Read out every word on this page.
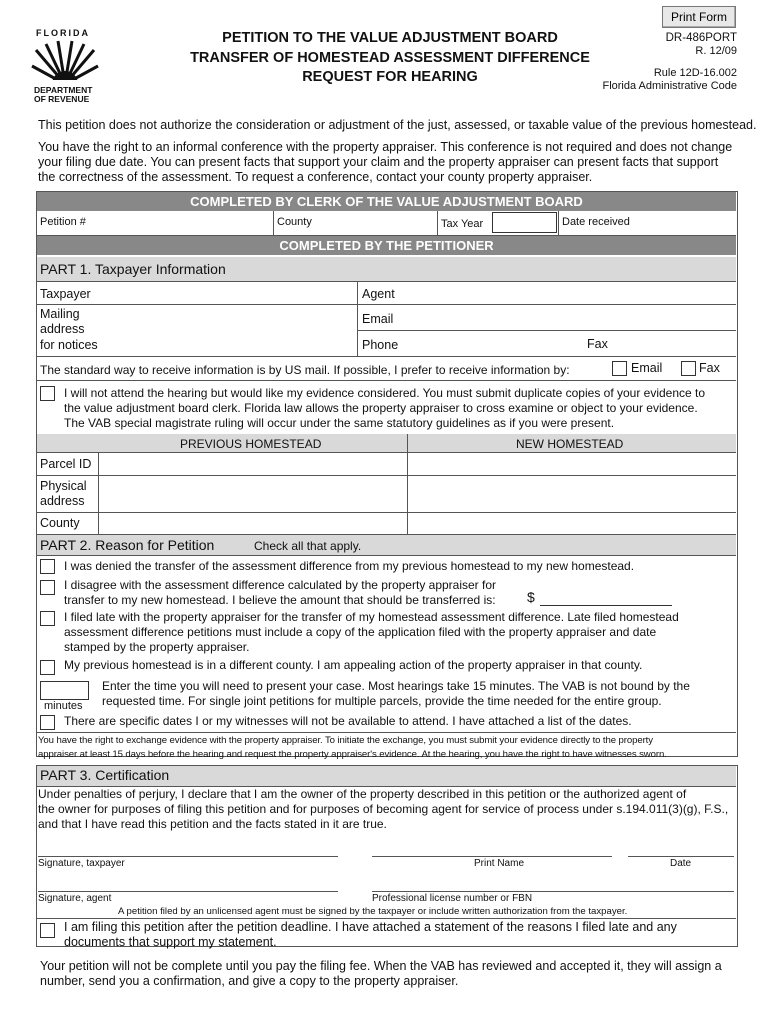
FLORIDA
DEPARTMENT OF REVENUE
PETITION TO THE VALUE ADJUSTMENT BOARD
TRANSFER OF HOMESTEAD ASSESSMENT DIFFERENCE
REQUEST FOR HEARING
Print Form
DR-486PORT
R. 12/09
Rule 12D-16.002
Florida Administrative Code
This petition does not authorize the consideration or adjustment of the just, assessed, or taxable value of the previous homestead.
You have the right to an informal conference with the property appraiser. This conference is not required and does not change
your filing due date. You can present facts that support your claim and the property appraiser can present facts that support
the correctness of the assessment. To request a conference, contact your county property appraiser.
COMPLETED BY CLERK OF THE VALUE ADJUSTMENT BOARD
Petition #	County	Tax Year	Date received
COMPLETED BY THE PETITIONER
PART 1. Taxpayer Information
Taxpayer	Agent
Mailing
address
for notices
Email
Phone	Fax
The standard way to receive information is by US mail. If possible, I prefer to receive information by:	Email	Fax
I will not attend the hearing but would like my evidence considered. You must submit duplicate copies of your evidence to
the value adjustment board clerk. Florida law allows the property appraiser to cross examine or object to your evidence.
The VAB special magistrate ruling will occur under the same statutory guidelines as if you were present.
PREVIOUS HOMESTEAD	NEW HOMESTEAD
Parcel ID
Physical
address
County
PART 2. Reason for Petition	Check all that apply.
I was denied the transfer of the assessment difference from my previous homestead to my new homestead.
I disagree with the assessment difference calculated by the property appraiser for
transfer to my new homestead. I believe the amount that should be transferred is: $
I filed late with the property appraiser for the transfer of my homestead assessment difference. Late filed homestead
assessment difference petitions must include a copy of the application filed with the property appraiser and date
stamped by the property appraiser.
My previous homestead is in a different county. I am appealing action of the property appraiser in that county.
minutes
Enter the time you will need to present your case. Most hearings take 15 minutes. The VAB is not bound by the
requested time. For single joint petitions for multiple parcels, provide the time needed for the entire group.
There are specific dates I or my witnesses will not be available to attend. I have attached a list of the dates.
You have the right to exchange evidence with the property appraiser. To initiate the exchange, you must submit your evidence directly to the property
appraiser at least 15 days before the hearing and request the property appraiser's evidence. At the hearing, you have the right to have witnesses sworn.
PART 3. Certification
Under penalties of perjury, I declare that I am the owner of the property described in this petition or the authorized agent of
the owner for purposes of filing this petition and for purposes of becoming agent for service of process under s.194.011(3)(g), F.S.,
and that I have read this petition and the facts stated in it are true.
Signature, taxpayer	Print Name	Date
Signature, agent	Professional license number or FBN
A petition filed by an unlicensed agent must be signed by the taxpayer or include written authorization from the taxpayer.
I am filing this petition after the petition deadline. I have attached a statement of the reasons I filed late and any
documents that support my statement.
Your petition will not be complete until you pay the filing fee. When the VAB has reviewed and accepted it, they will assign a
number, send you a confirmation, and give a copy to the property appraiser.
